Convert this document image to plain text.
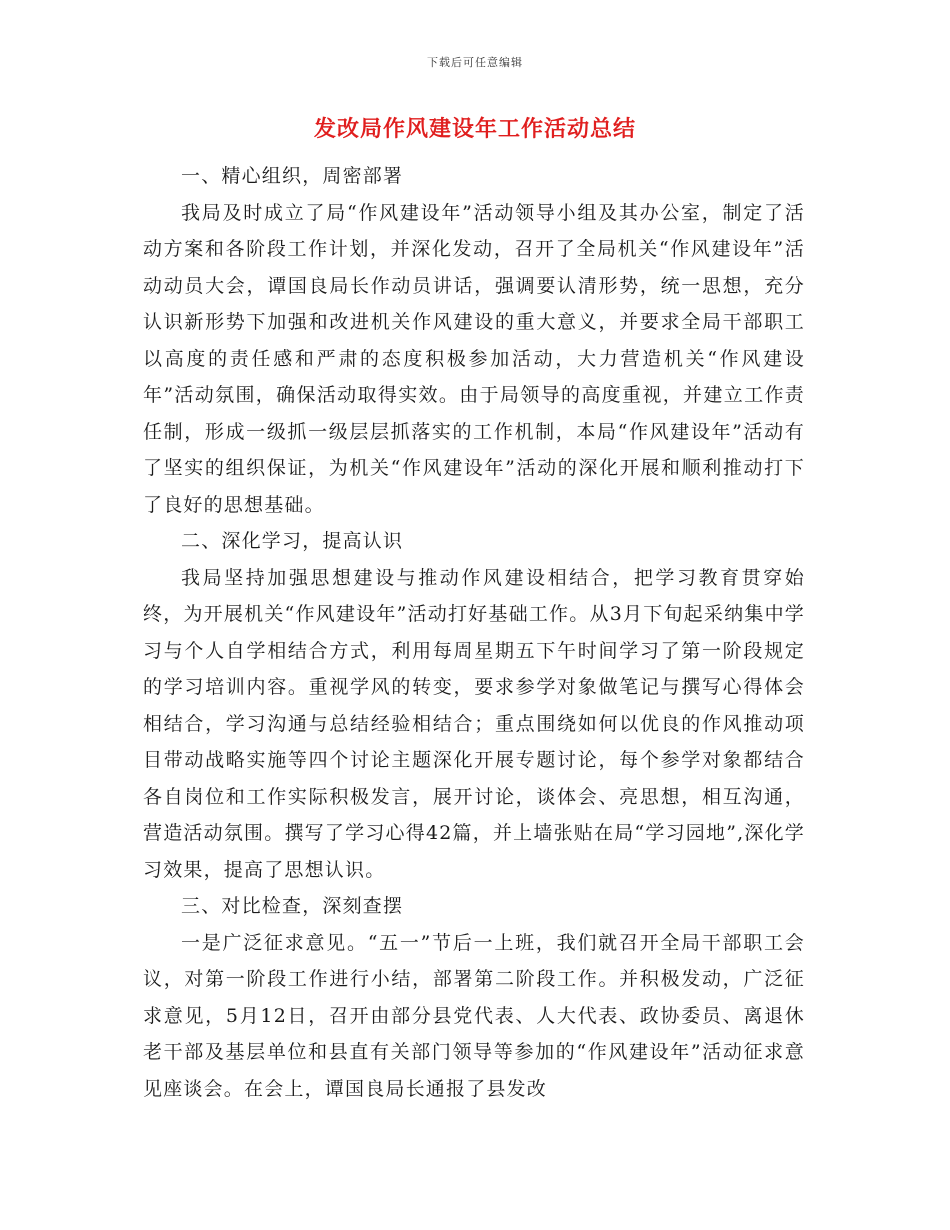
下载后可任意编辑
发改局作风建设年工作活动总结

一、精心组织，周密部署

我局及时成立了局“作风建设年”活动领导小组及其办公室，制定了活动方案和各阶段工作计划，并深化发动，召开了全局机关“作风建设年”活动动员大会，谭国良局长作动员讲话，强调要认清形势，统一思想，充分认识新形势下加强和改进机关作风建设的重大意义，并要求全局干部职工以高度的责任感和严肃的态度积极参加活动，大力营造机关“作风建设年”活动氛围，确保活动取得实效。由于局领导的高度重视，并建立工作责任制，形成一级抓一级层层抓落实的工作机制，本局“作风建设年”活动有了坚实的组织保证，为机关“作风建设年”活动的深化开展和顺利推动打下了良好的思想基础。

二、深化学习，提高认识

我局坚持加强思想建设与推动作风建设相结合，把学习教育贯穿始终，为开展机关“作风建设年”活动打好基础工作。从3月下旬起采纳集中学习与个人自学相结合方式，利用每周星期五下午时间学习了第一阶段规定的学习培训内容。重视学风的转变，要求参学对象做笔记与撰写心得体会相结合，学习沟通与总结经验相结合；重点围绕如何以优良的作风推动项目带动战略实施等四个讨论主题深化开展专题讨论，每个参学对象都结合各自岗位和工作实际积极发言，展开讨论，谈体会、亮思想，相互沟通，营造活动氛围。撰写了学习心得42篇，并上墙张贴在局“学习园地”,深化学习效果，提高了思想认识。

三、对比检查，深刻查摆

一是广泛征求意见。“五一”节后一上班，我们就召开全局干部职工会议，对第一阶段工作进行小结，部署第二阶段工作。并积极发动，广泛征求意见，5月12日，召开由部分县党代表、人大代表、政协委员、离退休老干部及基层单位和县直有关部门领导等参加的“作风建设年”活动征求意见座谈会。在会上，谭国良局长通报了县发改
